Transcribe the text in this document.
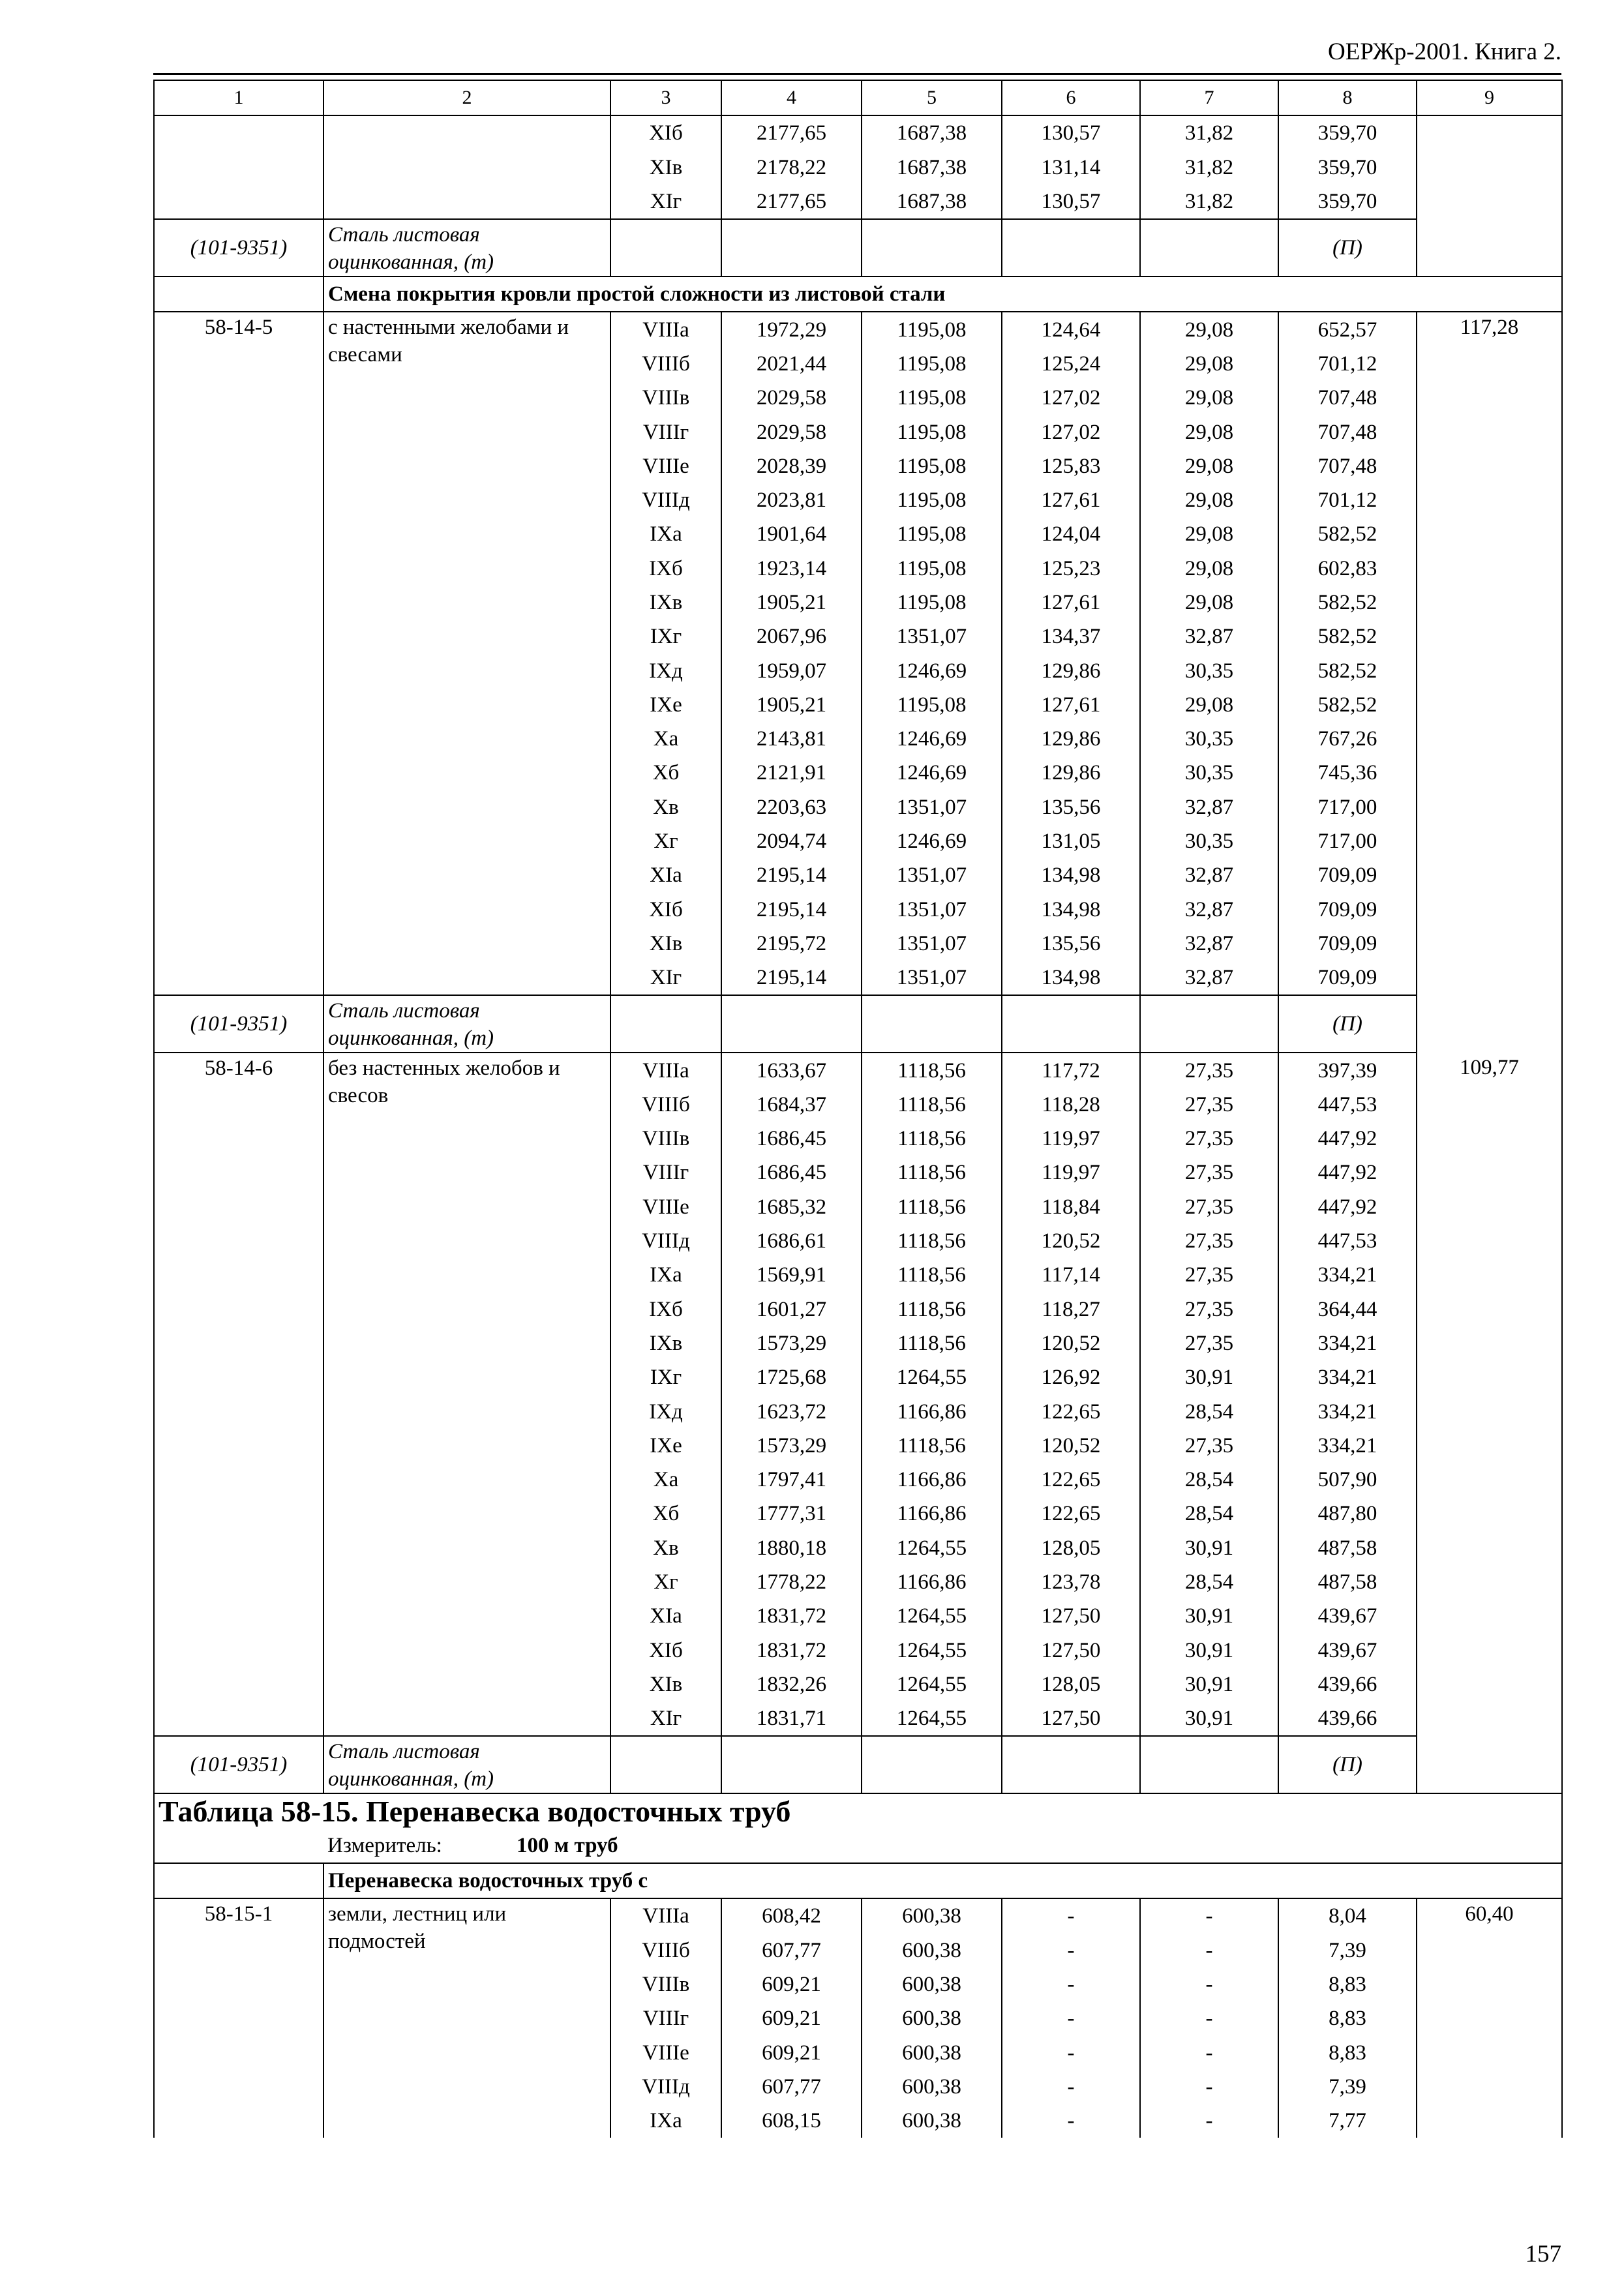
ОЕРЖр-2001. Книга 2.
1	2	3	4	5	6	7	8	9
		XIб	2177,65	1687,38	130,57	31,82	359,70	
		XIв	2178,22	1687,38	131,14	31,82	359,70	
		XIг	2177,65	1687,38	130,57	31,82	359,70	
(101-9351)	Сталь листовая оцинкованная, (т)						(П)	
	Смена покрытия кровли простой сложности из листовой стали							
58-14-5	с настенными желобами и свесами	VIIIа	1972,29	1195,08	124,64	29,08	652,57	117,28
		VIIIб	2021,44	1195,08	125,24	29,08	701,12	
		VIIIв	2029,58	1195,08	127,02	29,08	707,48	
		VIIIг	2029,58	1195,08	127,02	29,08	707,48	
		VIIIе	2028,39	1195,08	125,83	29,08	707,48	
		VIIIд	2023,81	1195,08	127,61	29,08	701,12	
		IXа	1901,64	1195,08	124,04	29,08	582,52	
		IXб	1923,14	1195,08	125,23	29,08	602,83	
		IXв	1905,21	1195,08	127,61	29,08	582,52	
		IXг	2067,96	1351,07	134,37	32,87	582,52	
		IXд	1959,07	1246,69	129,86	30,35	582,52	
		IXе	1905,21	1195,08	127,61	29,08	582,52	
		Xа	2143,81	1246,69	129,86	30,35	767,26	
		Xб	2121,91	1246,69	129,86	30,35	745,36	
		Xв	2203,63	1351,07	135,56	32,87	717,00	
		Xг	2094,74	1246,69	131,05	30,35	717,00	
		XIа	2195,14	1351,07	134,98	32,87	709,09	
		XIб	2195,14	1351,07	134,98	32,87	709,09	
		XIв	2195,72	1351,07	135,56	32,87	709,09	
		XIг	2195,14	1351,07	134,98	32,87	709,09	
(101-9351)	Сталь листовая оцинкованная, (т)						(П)	
58-14-6	без настенных желобов и свесов	VIIIа	1633,67	1118,56	117,72	27,35	397,39	109,77
		VIIIб	1684,37	1118,56	118,28	27,35	447,53	
		VIIIв	1686,45	1118,56	119,97	27,35	447,92	
		VIIIг	1686,45	1118,56	119,97	27,35	447,92	
		VIIIе	1685,32	1118,56	118,84	27,35	447,92	
		VIIIд	1686,61	1118,56	120,52	27,35	447,53	
		IXа	1569,91	1118,56	117,14	27,35	334,21	
		IXб	1601,27	1118,56	118,27	27,35	364,44	
		IXв	1573,29	1118,56	120,52	27,35	334,21	
		IXг	1725,68	1264,55	126,92	30,91	334,21	
		IXд	1623,72	1166,86	122,65	28,54	334,21	
		IXе	1573,29	1118,56	120,52	27,35	334,21	
		Xа	1797,41	1166,86	122,65	28,54	507,90	
		Xб	1777,31	1166,86	122,65	28,54	487,80	
		Xв	1880,18	1264,55	128,05	30,91	487,58	
		Xг	1778,22	1166,86	123,78	28,54	487,58	
		XIа	1831,72	1264,55	127,50	30,91	439,67	
		XIб	1831,72	1264,55	127,50	30,91	439,67	
		XIв	1832,26	1264,55	128,05	30,91	439,66	
		XIг	1831,71	1264,55	127,50	30,91	439,66	
(101-9351)	Сталь листовая оцинкованная, (т)						(П)	
Таблица 58-15. Перенавеска водосточных труб								
	Измеритель: 100 м труб							
	Перенавеска водосточных труб с							
58-15-1	земли, лестниц или подмостей	VIIIа	608,42	600,38	-	-	8,04	60,40
		VIIIб	607,77	600,38	-	-	7,39	
		VIIIв	609,21	600,38	-	-	8,83	
		VIIIг	609,21	600,38	-	-	8,83	
		VIIIе	609,21	600,38	-	-	8,83	
		VIIIд	607,77	600,38	-	-	7,39	
		IXа	608,15	600,38	-	-	7,77	
157
